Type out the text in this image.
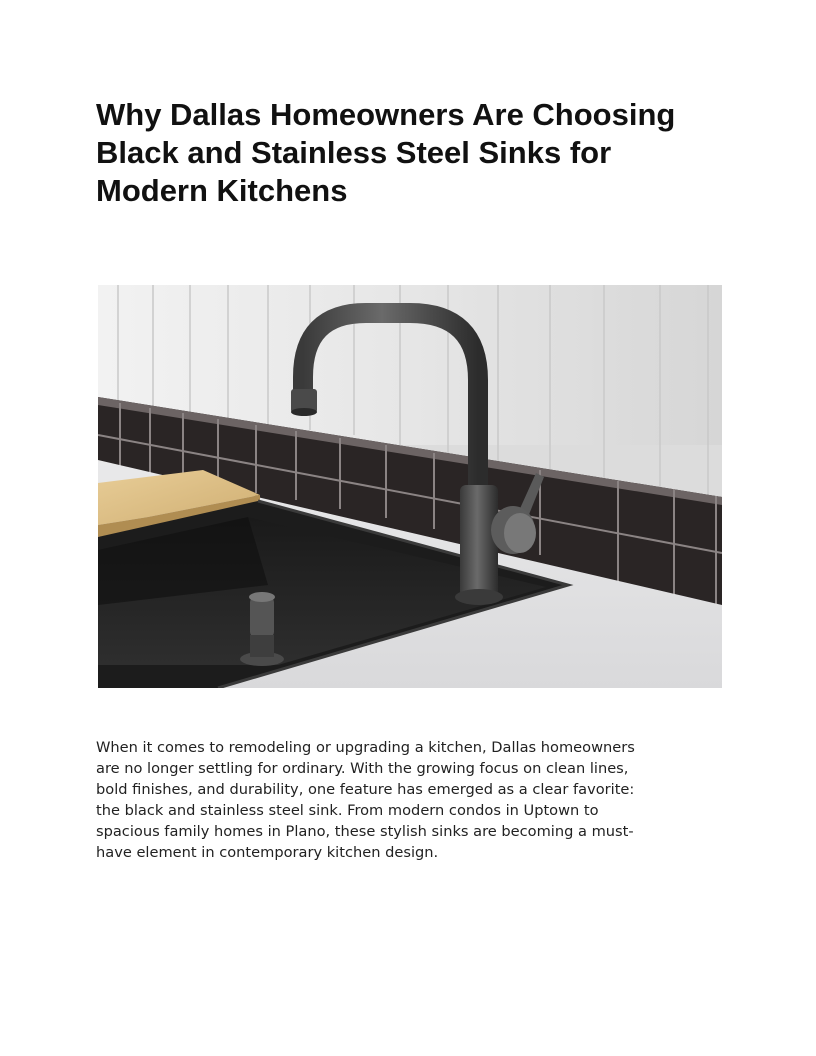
Why Dallas Homeowners Are Choosing
Black and Stainless Steel Sinks for
Modern Kitchens

When it comes to remodeling or upgrading a kitchen, Dallas homeowners
are no longer settling for ordinary. With the growing focus on clean lines,
bold finishes, and durability, one feature has emerged as a clear favorite:
the black and stainless steel sink. From modern condos in Uptown to
spacious family homes in Plano, these stylish sinks are becoming a must-
have element in contemporary kitchen design.
